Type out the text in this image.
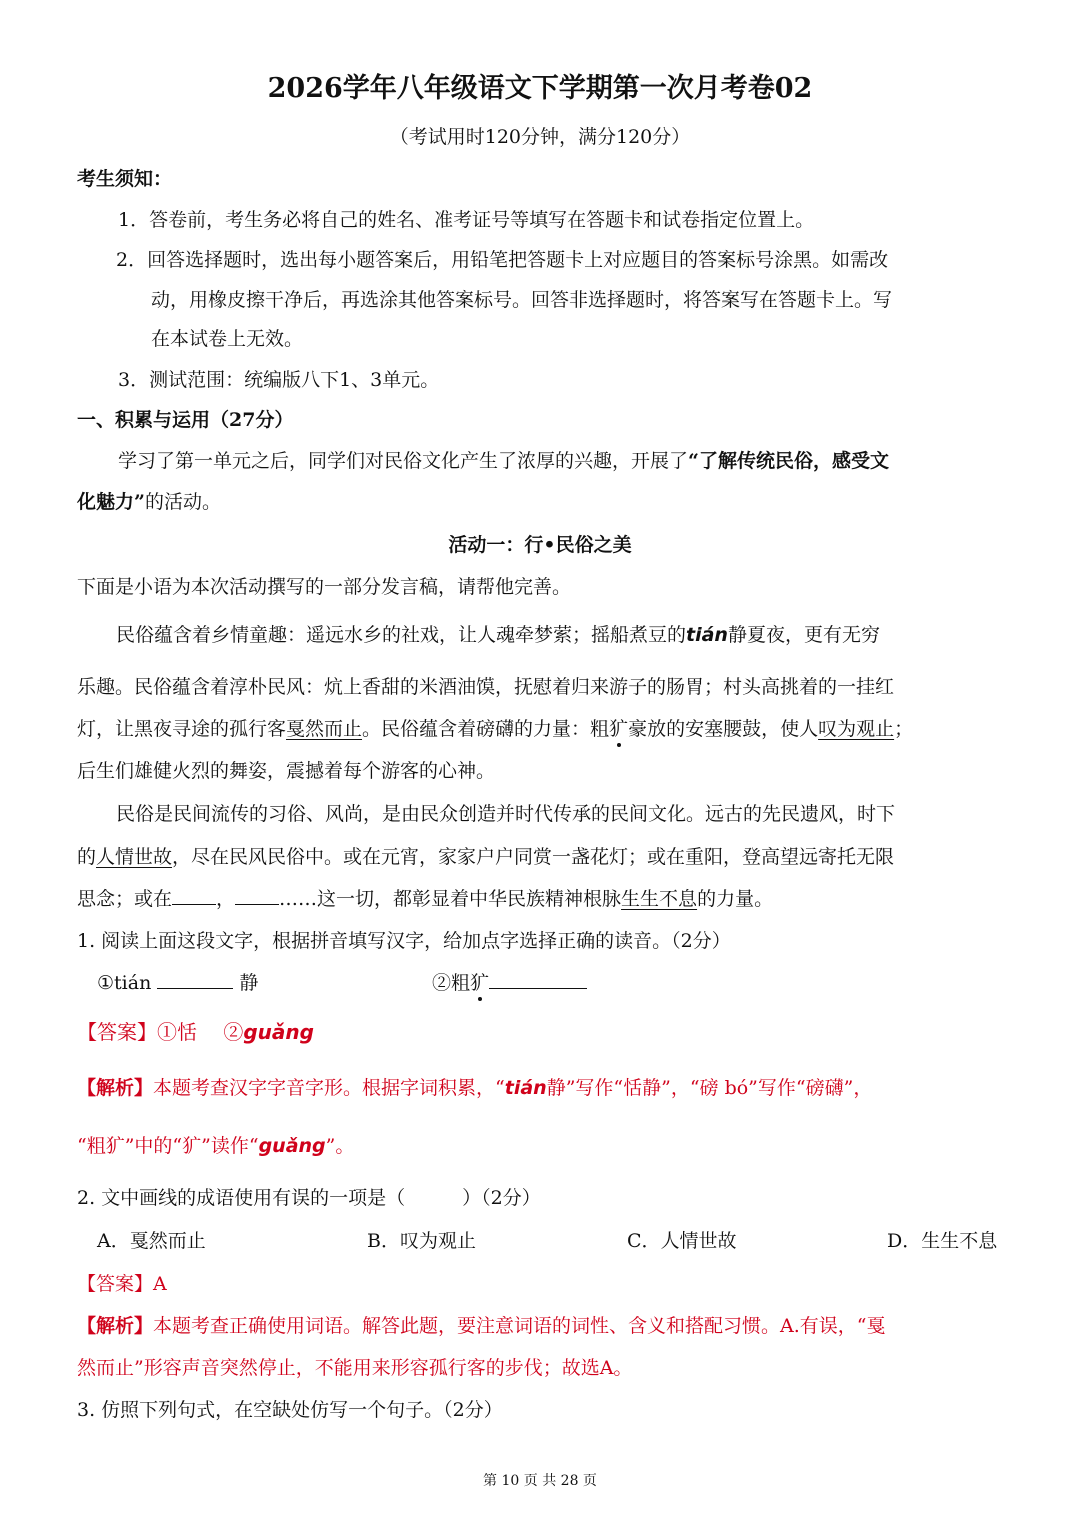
2026学年八年级语文下学期第一次月考卷02
（考试用时120分钟，满分120分）
考生须知：
1．答卷前，考生务必将自己的姓名、准考证号等填写在答题卡和试卷指定位置上。
2．回答选择题时，选出每小题答案后，用铅笔把答题卡上对应题目的答案标号涂黑。如需改
动，用橡皮擦干净后，再选涂其他答案标号。回答非选择题时，将答案写在答题卡上。写
在本试卷上无效。
3．测试范围：统编版八下1、3单元。
一、积累与运用（27分）
学习了第一单元之后，同学们对民俗文化产生了浓厚的兴趣，开展了“了解传统民俗，感受文
化魅力”的活动。
活动一：行•民俗之美
下面是小语为本次活动撰写的一部分发言稿，请帮他完善。
民俗蕴含着乡情童趣：遥远水乡的社戏，让人魂牵梦萦；摇船煮豆的tián静夏夜，更有无穷
乐趣。民俗蕴含着淳朴民风：炕上香甜的米酒油馍，抚慰着归来游子的肠胃；村头高挑着的一挂红
灯，让黑夜寻途的孤行客戛然而止。民俗蕴含着磅礴的力量：粗犷豪放的安塞腰鼓，使人叹为观止；
后生们雄健火烈的舞姿，震撼着每个游客的心神。
民俗是民间流传的习俗、风尚，是由民众创造并时代传承的民间文化。远古的先民遗风，时下
的人情世故，尽在民风民俗中。或在元宵，家家户户同赏一盏花灯；或在重阳，登高望远寄托无限
思念；或在 ， ……这一切，都彰显着中华民族精神根脉生生不息的力量。
1. 阅读上面这段文字，根据拼音填写汉字，给加点字选择正确的读音。（2分）
①tián	静	②粗犷
【答案】①恬　 ②guǎng
【解析】本题考查汉字字音字形。根据字词积累，“tián静”写作“恬静”，“磅 bó”写作“磅礴”，
“粗犷”中的“犷”读作“guǎng”。
2. 文中画线的成语使用有误的一项是（　　　）（2分）
A．戛然而止	B．叹为观止	C．人情世故	D．生生不息
【答案】A
【解析】本题考查正确使用词语。解答此题，要注意词语的词性、含义和搭配习惯。A.有误，“戛
然而止”形容声音突然停止，不能用来形容孤行客的步伐；故选A。
3. 仿照下列句式，在空缺处仿写一个句子。（2分）
第 10 页 共 28 页
